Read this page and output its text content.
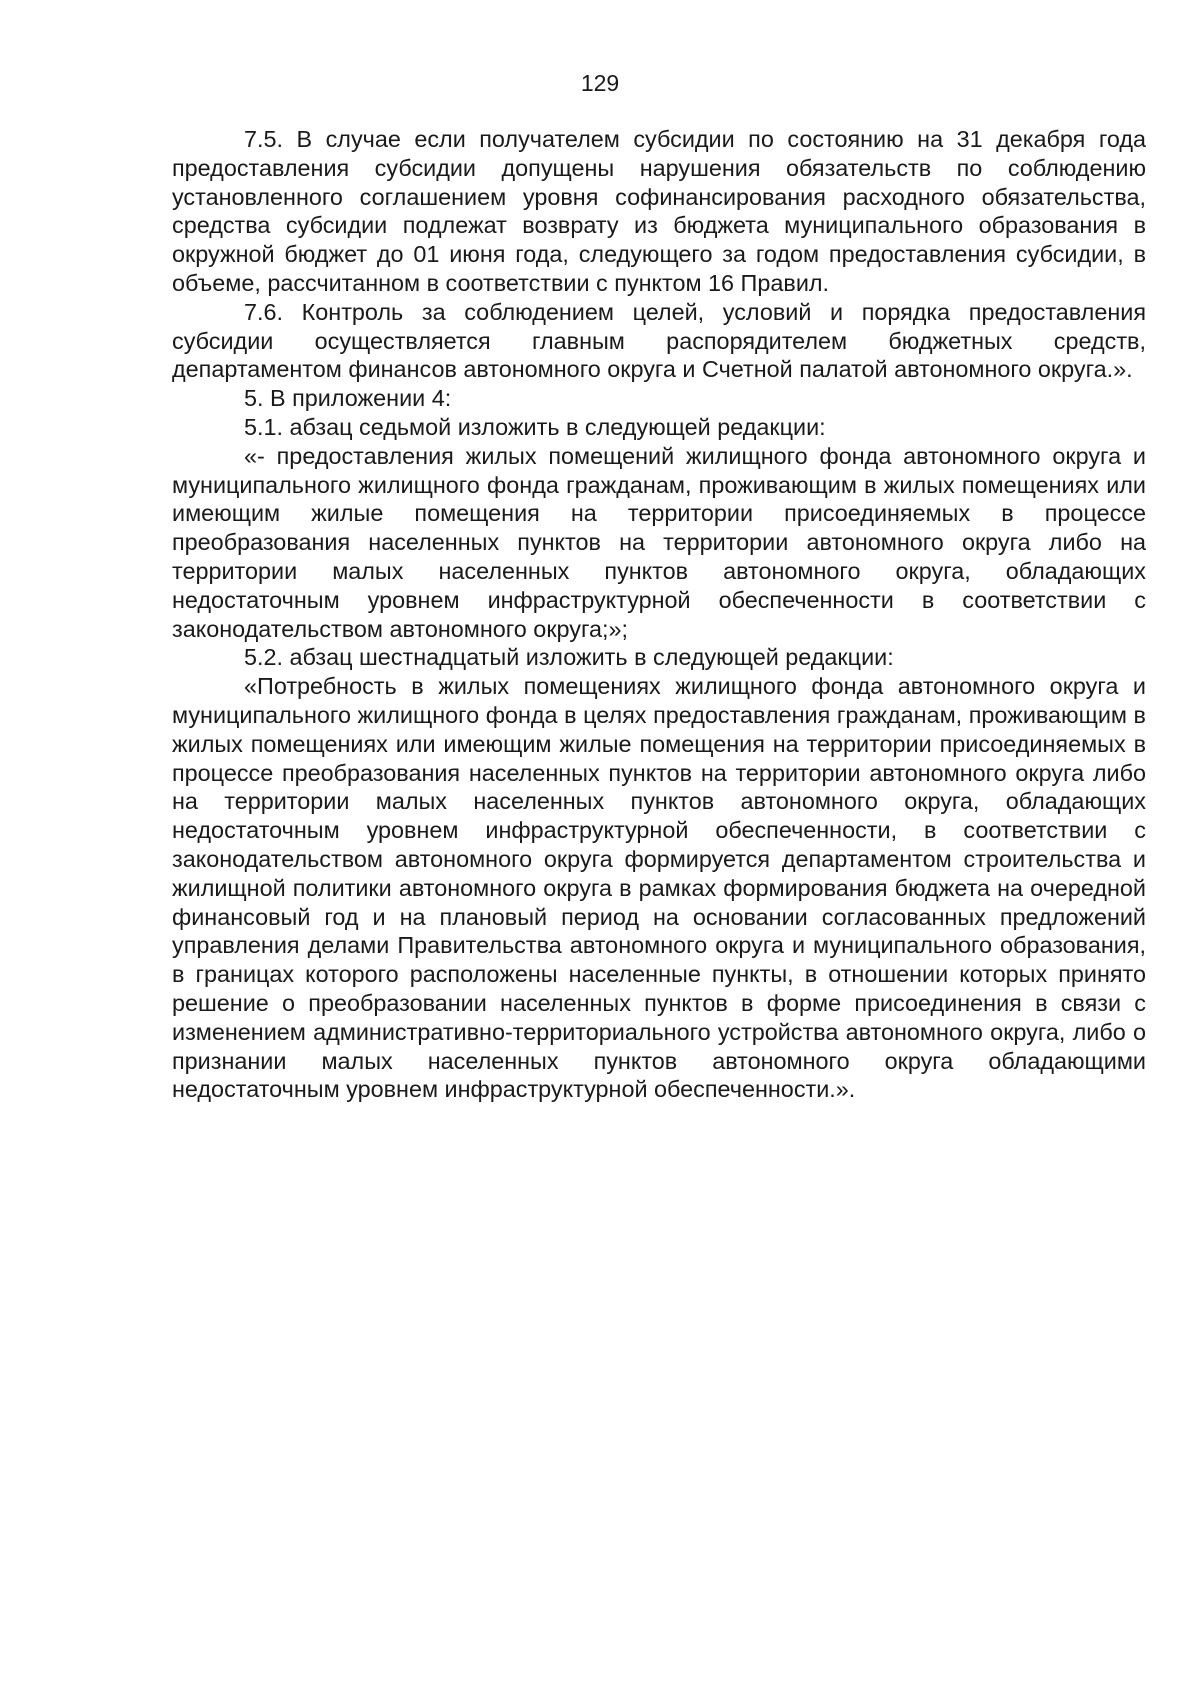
129

7.5. В случае если получателем субсидии по состоянию на 31 декабря года предоставления субсидии допущены нарушения обязательств по соблюдению установленного соглашением уровня софинансирования расходного обязательства, средства субсидии подлежат возврату из бюджета муниципального образования в окружной бюджет до 01 июня года, следующего за годом предоставления субсидии, в объеме, рассчитанном в соответствии с пунктом 16 Правил.

7.6. Контроль за соблюдением целей, условий и порядка предоставления субсидии осуществляется главным распорядителем бюджетных средств, департаментом финансов автономного округа и Счетной палатой автономного округа.».

5. В приложении 4:

5.1. абзац седьмой изложить в следующей редакции:

«- предоставления жилых помещений жилищного фонда автономного округа и муниципального жилищного фонда гражданам, проживающим в жилых помещениях или имеющим жилые помещения на территории присоединяемых в процессе преобразования населенных пунктов на территории автономного округа либо на территории малых населенных пунктов автономного округа, обладающих недостаточным уровнем инфраструктурной обеспеченности в соответствии с законодательством автономного округа;»;

5.2. абзац шестнадцатый изложить в следующей редакции:

«Потребность в жилых помещениях жилищного фонда автономного округа и муниципального жилищного фонда в целях предоставления гражданам, проживающим в жилых помещениях или имеющим жилые помещения на территории присоединяемых в процессе преобразования населенных пунктов на территории автономного округа либо на территории малых населенных пунктов автономного округа, обладающих недостаточным уровнем инфраструктурной обеспеченности, в соответствии с законодательством автономного округа формируется департаментом строительства и жилищной политики автономного округа в рамках формирования бюджета на очередной финансовый год и на плановый период на основании согласованных предложений управления делами Правительства автономного округа и муниципального образования, в границах которого расположены населенные пункты, в отношении которых принято решение о преобразовании населенных пунктов в форме присоединения в связи с изменением административно-территориального устройства автономного округа, либо о признании малых населенных пунктов автономного округа обладающими недостаточным уровнем инфраструктурной обеспеченности.».
